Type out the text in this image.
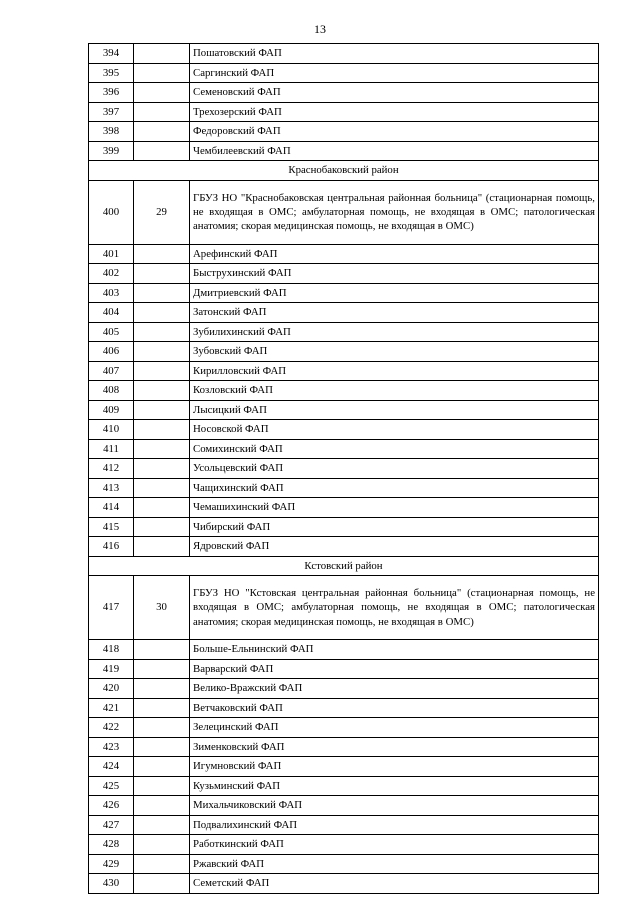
13
394		Пошатовский ФАП
395		Саргинский ФАП
396		Семеновский ФАП
397		Трехозерский ФАП
398		Федоровский ФАП
399		Чембилеевский ФАП
Краснобаковский район		
400	29	ГБУЗ НО "Краснобаковская центральная районная больница" (стационарная помощь, не входящая в ОМС; амбулаторная помощь, не входящая в ОМС; патологическая анатомия; скорая медицинская помощь, не входящая в ОМС)
401		Арефинский ФАП
402		Быструхинский ФАП
403		Дмитриевский ФАП
404		Затонский ФАП
405		Зубилихинский ФАП
406		Зубовский ФАП
407		Кирилловский ФАП
408		Козловский ФАП
409		Лысицкий ФАП
410		Носовской ФАП
411		Сомихинский ФАП
412		Усольцевский ФАП
413		Чащихинский ФАП
414		Чемашихинский ФАП
415		Чибирский ФАП
416		Ядровский ФАП
Кстовский район		
417	30	ГБУЗ НО "Кстовская центральная районная больница" (стационарная помощь, не входящая в ОМС; амбулаторная помощь, не входящая в ОМС; патологическая анатомия; скорая медицинская помощь, не входящая в ОМС)
418		Больше-Ельнинский ФАП
419		Варварский ФАП
420		Велико-Вражский ФАП
421		Ветчаковский ФАП
422		Зелецинский ФАП
423		Зименковский ФАП
424		Игумновский ФАП
425		Кузьминский ФАП
426		Михальчиковский ФАП
427		Подвалихинский ФАП
428		Работкинский ФАП
429		Ржавский ФАП
430		Семетский ФАП
